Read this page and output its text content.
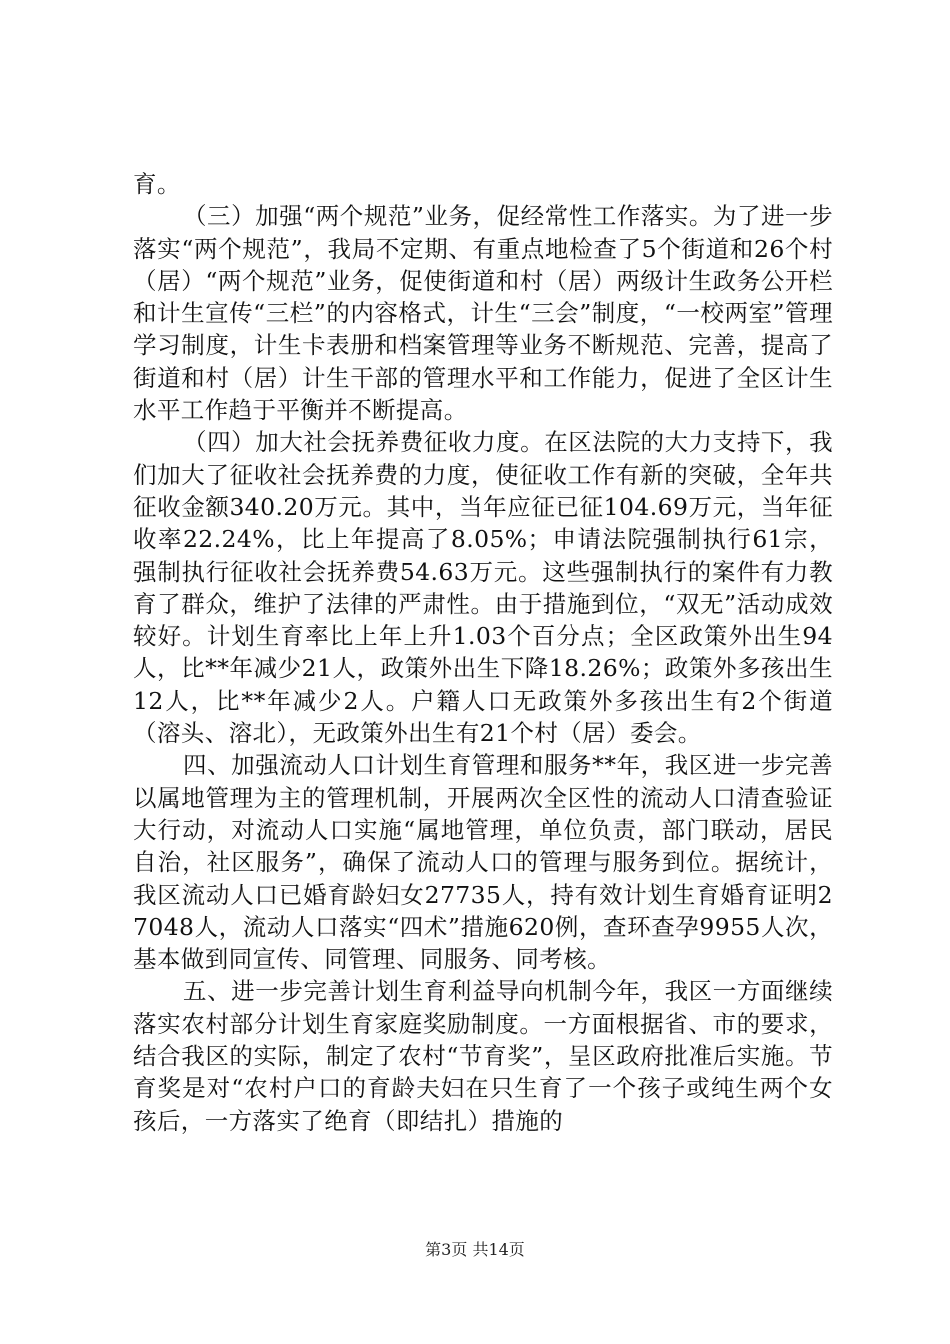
育。

（三）加强“两个规范”业务，促经常性工作落实。为了进一步落实“两个规范”，我局不定期、有重点地检查了5个街道和26个村（居）“两个规范”业务，促使街道和村（居）两级计生政务公开栏和计生宣传“三栏”的内容格式，计生“三会”制度，“一校两室”管理学习制度，计生卡表册和档案管理等业务不断规范、完善，提高了街道和村（居）计生干部的管理水平和工作能力，促进了全区计生水平工作趋于平衡并不断提高。

（四）加大社会抚养费征收力度。在区法院的大力支持下，我们加大了征收社会抚养费的力度，使征收工作有新的突破，全年共征收金额340.20万元。其中，当年应征已征104.69万元，当年征收率22.24%，比上年提高了8.05%；申请法院强制执行61宗，强制执行征收社会抚养费54.63万元。这些强制执行的案件有力教育了群众，维护了法律的严肃性。由于措施到位，“双无”活动成效较好。计划生育率比上年上升1.03个百分点；全区政策外出生94人，比**年减少21人，政策外出生下降18.26%；政策外多孩出生12人，比**年减少2人。户籍人口无政策外多孩出生有2个街道（溶头、溶北），无政策外出生有21个村（居）委会。

四、加强流动人口计划生育管理和服务**年，我区进一步完善以属地管理为主的管理机制，开展两次全区性的流动人口清查验证大行动，对流动人口实施“属地管理，单位负责，部门联动，居民自治，社区服务”，确保了流动人口的管理与服务到位。据统计，我区流动人口已婚育龄妇女27735人，持有效计划生育婚育证明27048人，流动人口落实“四术”措施620例，查环查孕9955人次，基本做到同宣传、同管理、同服务、同考核。

五、进一步完善计划生育利益导向机制今年，我区一方面继续落实农村部分计划生育家庭奖励制度。一方面根据省、市的要求，结合我区的实际，制定了农村“节育奖”，呈区政府批准后实施。节育奖是对“农村户口的育龄夫妇在只生育了一个孩子或纯生两个女孩后，一方落实了绝育（即结扎）措施的

第3页 共14页
